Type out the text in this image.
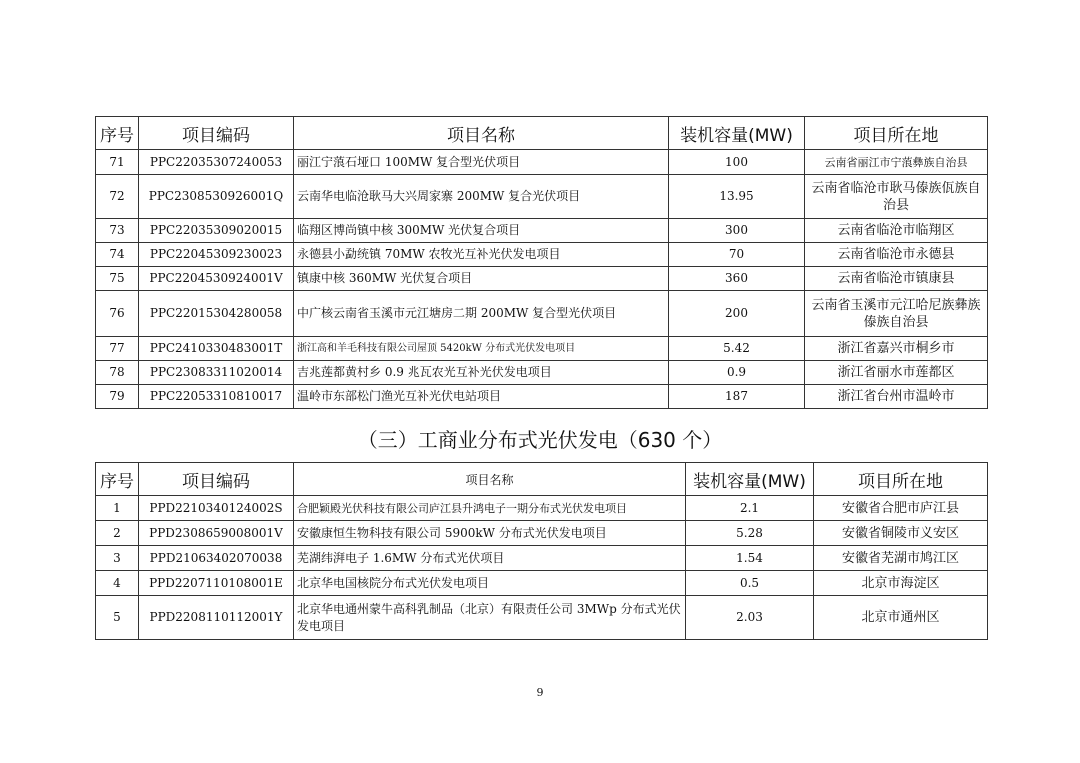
序号	项目编码	项目名称	装机容量(MW)	项目所在地
71	PPC22035307240053	丽江宁蒗石垭口 100MW 复合型光伏项目	100	云南省丽江市宁蒗彝族自治县
72	PPC2308530926001Q	云南华电临沧耿马大兴周家寨 200MW 复合光伏项目	13.95	云南省临沧市耿马傣族佤族自治县
73	PPC22035309020015	临翔区博尚镇中核 300MW 光伏复合项目	300	云南省临沧市临翔区
74	PPC22045309230023	永德县小勐统镇 70MW 农牧光互补光伏发电项目	70	云南省临沧市永德县
75	PPC2204530924001V	镇康中核 360MW 光伏复合项目	360	云南省临沧市镇康县
76	PPC22015304280058	中广核云南省玉溪市元江塘房二期 200MW 复合型光伏项目	200	云南省玉溪市元江哈尼族彝族傣族自治县
77	PPC2410330483001T	浙江高和羊毛科技有限公司屋顶 5420kW 分布式光伏发电项目	5.42	浙江省嘉兴市桐乡市
78	PPC23083311020014	吉兆莲都黄村乡 0.9 兆瓦农光互补光伏发电项目	0.9	浙江省丽水市莲都区
79	PPC22053310810017	温岭市东部松门渔光互补光伏电站项目	187	浙江省台州市温岭市
（三）工商业分布式光伏发电（630 个）
序号	项目编码	项目名称	装机容量(MW)	项目所在地
1	PPD2210340124002S	合肥颖殿光伏科技有限公司庐江县升鸿电子一期分布式光伏发电项目	2.1	安徽省合肥市庐江县
2	PPD2308659008001V	安徽康恒生物科技有限公司 5900kW 分布式光伏发电项目	5.28	安徽省铜陵市义安区
3	PPD21063402070038	芜湖纬湃电子 1.6MW 分布式光伏项目	1.54	安徽省芜湖市鸠江区
4	PPD2207110108001E	北京华电国核院分布式光伏发电项目	0.5	北京市海淀区
5	PPD2208110112001Y	北京华电通州蒙牛高科乳制品（北京）有限责任公司 3MWp 分布式光伏发电项目	2.03	北京市通州区
9
